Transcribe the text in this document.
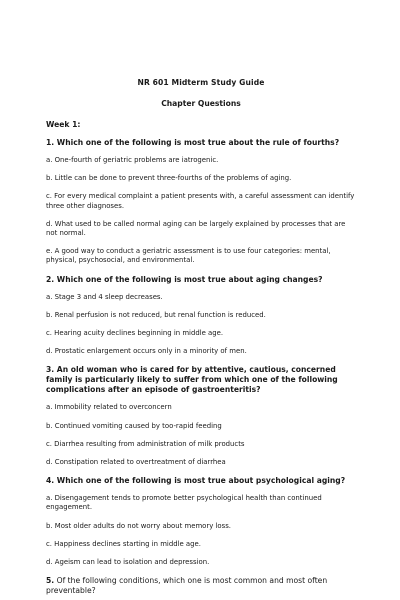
NR 601 Midterm Study Guide
Chapter Questions
Week 1:
1. Which one of the following is most true about the rule of fourths?
a. One-fourth of geriatric problems are iatrogenic.
b. Little can be done to prevent three-fourths of the problems of aging.
c. For every medical complaint a patient presents with, a careful assessment can identify three other diagnoses.
d. What used to be called normal aging can be largely explained by processes that are not normal.
e. A good way to conduct a geriatric assessment is to use four categories: mental, physical, psychosocial, and environmental.
2. Which one of the following is most true about aging changes?
a. Stage 3 and 4 sleep decreases.
b. Renal perfusion is not reduced, but renal function is reduced.
c. Hearing acuity declines beginning in middle age.
d. Prostatic enlargement occurs only in a minority of men.
3. An old woman who is cared for by attentive, cautious, concerned family is particularly likely to suffer from which one of the following complications after an episode of gastroenteritis?
a. Immobility related to overconcern
b. Continued vomiting caused by too-rapid feeding
c. Diarrhea resulting from administration of milk products
d. Constipation related to overtreatment of diarrhea
4. Which one of the following is most true about psychological aging?
a. Disengagement tends to promote better psychological health than continued engagement.
b. Most older adults do not worry about memory loss.
c. Happiness declines starting in middle age.
d. Ageism can lead to isolation and depression.
5. Of the following conditions, which one is most common and most often preventable?
